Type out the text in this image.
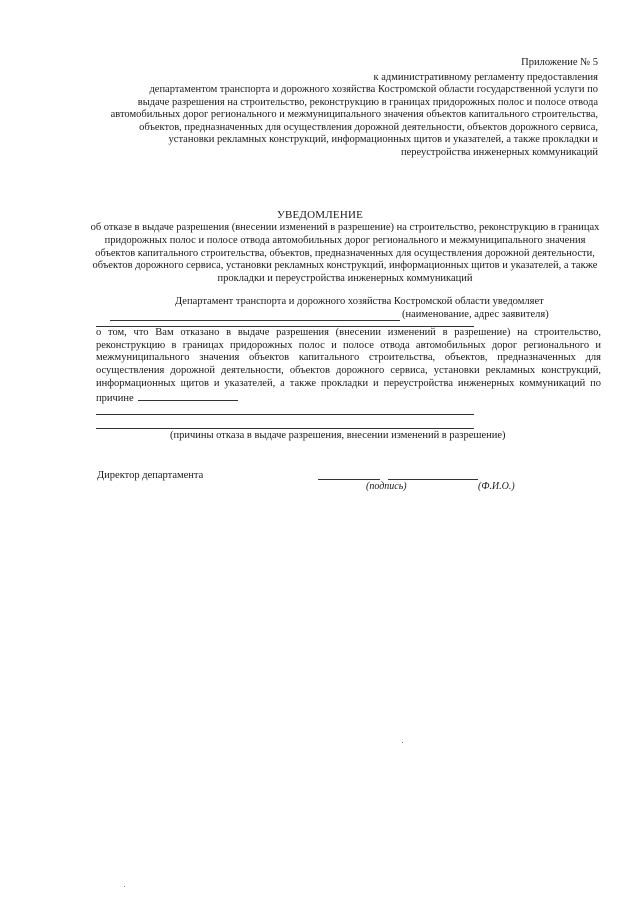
Приложение № 5
к административному регламенту предоставления
департаментом транспорта и дорожного хозяйства Костромской области государственной услуги по
выдаче разрешения на строительство, реконструкцию в границах придорожных полос и полосе отвода
автомобильных дорог регионального и межмуниципального значения объектов капитального строительства,
объектов, предназначенных для осуществления дорожной деятельности, объектов дорожного сервиса,
установки рекламных конструкций, информационных щитов и указателей, а также прокладки и
переустройства инженерных коммуникаций
УВЕДОМЛЕНИЕ
об отказе в выдаче разрешения (внесении изменений в разрешение) на строительство, реконструкцию в границах придорожных полос и полосе отвода автомобильных дорог регионального и межмуниципального значения объектов капитального строительства, объектов, предназначенных для осуществления дорожной деятельности, объектов дорожного сервиса, установки рекламных конструкций, информационных щитов и указателей, а также прокладки и переустройства инженерных коммуникаций
Департамент транспорта и дорожного хозяйства Костромской области уведомляет
(наименование, адрес заявителя)
о том, что Вам отказано в выдаче разрешения (внесении изменений в разрешение) на строительство, реконструкцию в границах придорожных полос и полосе отвода автомобильных дорог регионального и межмуниципального значения объектов капитального строительства, объектов, предназначенных для осуществления дорожной деятельности, объектов дорожного сервиса, установки рекламных конструкций, информационных щитов и указателей, а также прокладки и переустройства инженерных коммуникаций по причине
(причины отказа в выдаче разрешения, внесении изменений в разрешение)
Директор департамента
(подпись)	(Ф.И.О.)
